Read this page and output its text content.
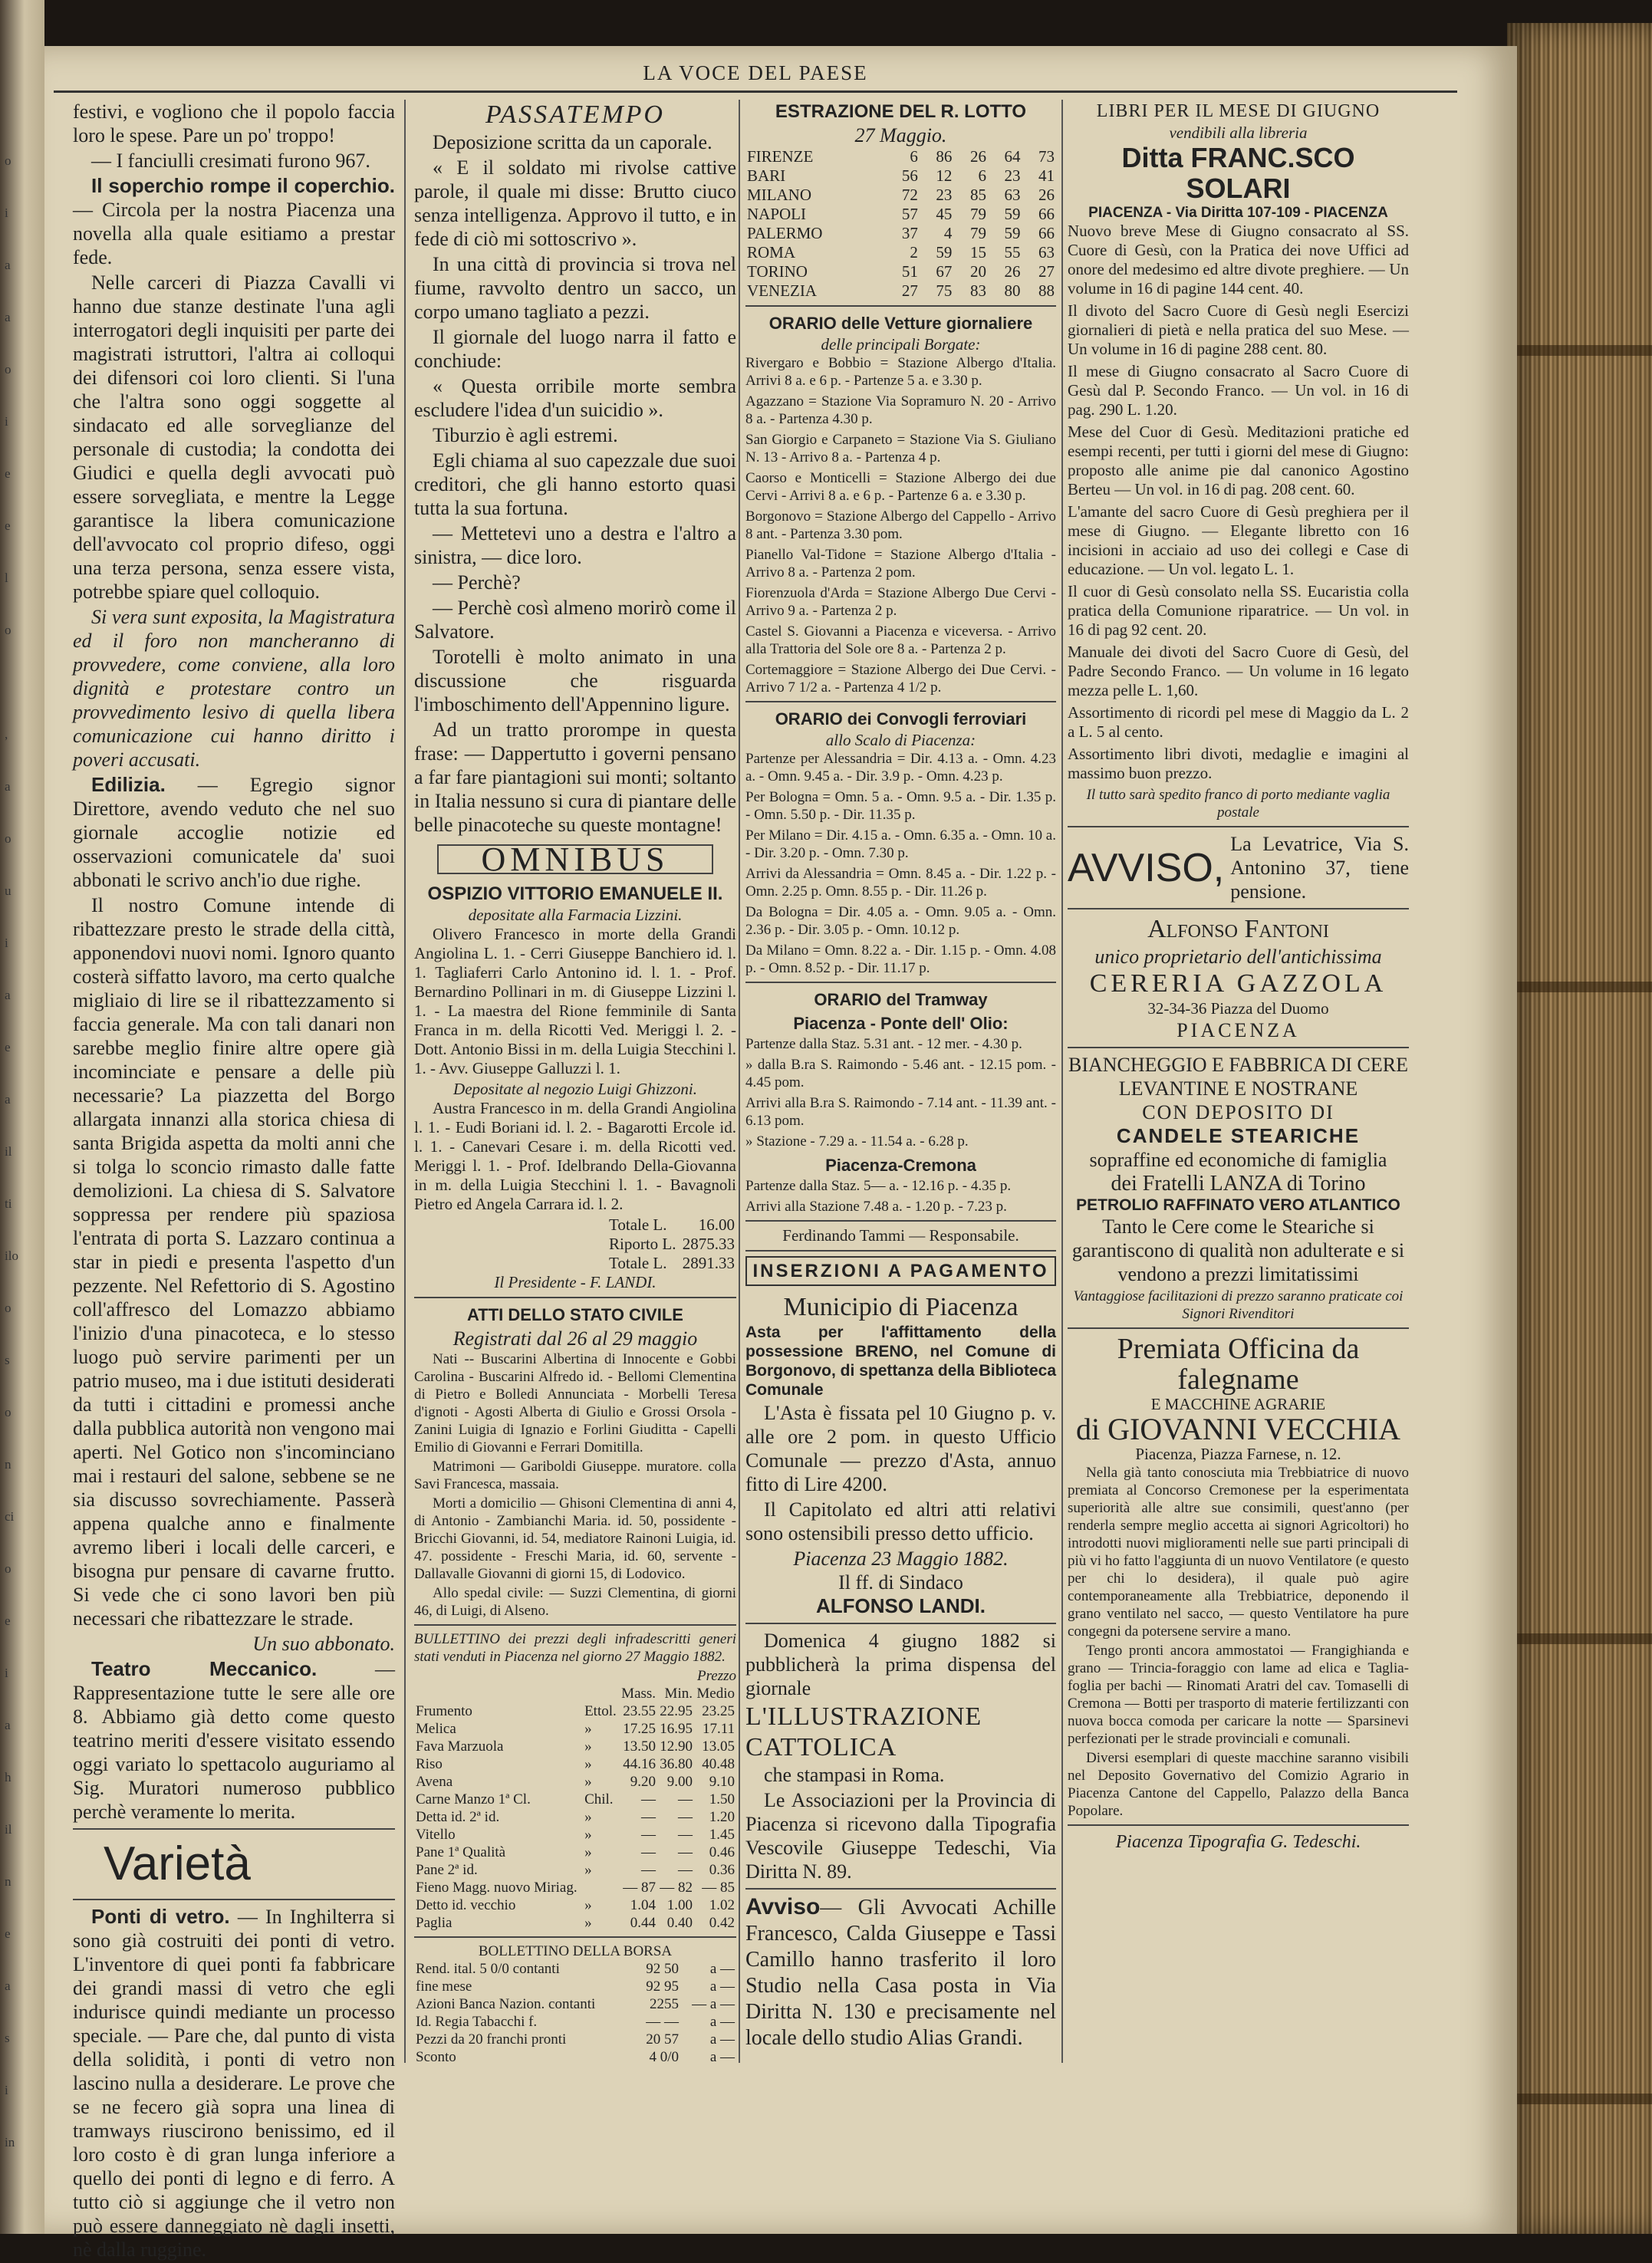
o
i
a
a
o
i
e
e
l
o
,
a
o
u
i
a
e
a
il
ti
ilo
o
s
o
n
ci
o
e
i
a
h
il
n
e
a
s
i
in
LA VOCE DEL PAESE

festivi, e vogliono che il popolo faccia loro le spese. Pare un po' troppo!

— I fanciulli cresimati furono 967.

Il soperchio rompe il coperchio. — Circola per la nostra Piacenza una novella alla quale esitiamo a prestar fede.

Nelle carceri di Piazza Cavalli vi hanno due stanze destinate l'una agli interrogatori degli inquisiti per parte dei magistrati istruttori, l'altra ai colloqui dei difensori coi loro clienti. Si l'una che l'altra sono oggi soggette al sindacato ed alle sorveglianze del personale di custodia; la condotta dei Giudici e quella degli avvocati può essere sorvegliata, e mentre la Legge garantisce la libera comunicazione dell'avvocato col proprio difeso, oggi una terza persona, senza essere vista, potrebbe spiare quel colloquio.

Si vera sunt exposita, la Magistratura ed il foro non mancheranno di provvedere, come conviene, alla loro dignità e protestare contro un provvedimento lesivo di quella libera comunicazione cui hanno diritto i poveri accusati.

Edilizia. — Egregio signor Direttore, avendo veduto che nel suo giornale accoglie notizie ed osservazioni comunicatele da' suoi abbonati le scrivo anch'io due righe.

Il nostro Comune intende di ribattezzare presto le strade della città, apponendovi nuovi nomi. Ignoro quanto costerà siffatto lavoro, ma certo qualche migliaio di lire se il ribattezzamento si faccia generale. Ma con tali danari non sarebbe meglio finire altre opere già incominciate e pensare a delle più necessarie? La piazzetta del Borgo allargata innanzi alla storica chiesa di santa Brigida aspetta da molti anni che si tolga lo sconcio rimasto dalle fatte demolizioni. La chiesa di S. Salvatore soppressa per rendere più spaziosa l'entrata di porta S. Lazzaro continua a star in piedi e presenta l'aspetto d'un pezzente. Nel Refettorio di S. Agostino coll'affresco del Lomazzo abbiamo l'inizio d'una pinacoteca, e lo stesso luogo può servire parimenti per un patrio museo, ma i due istituti desiderati da tutti i cittadini e promessi anche dalla pubblica autorità non vengono mai aperti. Nel Gotico non s'incominciano mai i restauri del salone, sebbene se ne sia discusso sovrechiamente. Passerà appena qualche anno e finalmente avremo liberi i locali delle carceri, e bisogna pur pensare di cavarne frutto. Si vede che ci sono lavori ben più necessari che ribattezzare le strade.

Un suo abbonato.

Teatro Meccanico.	— Rappresentazione tutte le sere alle ore 8. Abbiamo già detto come questo teatrino meriti d'essere visitato essendo oggi variato lo spettacolo auguriamo al Sig. Muratori numeroso pubblico perchè veramente lo merita.

Varietà

Ponti di vetro. — In Inghilterra si sono già costruiti dei ponti di vetro. L'inventore di quei ponti fa fabbricare dei grandi massi di vetro che egli indurisce quindi mediante un processo speciale. — Pare che, dal punto di vista della solidità, i ponti di vetro non lascino nulla a desiderare. Le prove che se ne fecero già sopra una linea di tramways riuscirono benissimo, ed il loro costo è di gran lunga inferiore a quello dei ponti di legno e di ferro. A tutto ciò si aggiunge che il vetro non può essere danneggiato nè dagli insetti, nè dalla ruggine.

PASSATEMPO

Deposizione scritta da un caporale.

« E il soldato mi rivolse cattive parole, il quale mi disse: Brutto ciuco senza intelligenza. Approvo il tutto, e in fede di ciò mi sottoscrivo ».

In una città di provincia si trova nel fiume, ravvolto dentro un sacco, un corpo umano tagliato a pezzi.

Il giornale del luogo narra il fatto e conchiude:

« Questa orribile morte sembra escludere l'idea d'un suicidio ».

Tiburzio è agli estremi.

Egli chiama al suo capezzale due suoi creditori, che gli hanno estorto quasi tutta la sua fortuna.

— Mettetevi uno a destra e l'altro a sinistra, — dice loro.

— Perchè?

— Perchè così almeno morirò come il Salvatore.

Torotelli è molto animato in una discussione che risguarda l'imboschimento dell'Appennino ligure.

Ad un tratto prorompe in questa frase: — Dappertutto i governi pensano a far fare piantagioni sui monti; soltanto in Italia nessuno si cura di piantare delle belle pinacoteche su queste montagne!

OMNIBUS
OSPIZIO VITTORIO EMANUELE II.
depositate alla Farmacia Lizzini.

Olivero Francesco in morte della Grandi Angiolina L. 1. - Cerri Giuseppe Banchiero id. l. 1. Tagliaferri Carlo Antonino id. l. 1. - Prof. Bernardino Pollinari in m. di Giuseppe Lizzini l. 1. - La maestra del Rione femminile di Santa Franca in m. della Ricotti Ved. Meriggi l. 2. - Dott. Antonio Bissi in m. della Luigia Stecchini l. 1. - Avv. Giuseppe Galluzzi l. 1.

Depositate al negozio Luigi Ghizzoni.

Austra Francesco in m. della Grandi Angiolina l. 1. - Eudi Boriani id. l. 2. - Bagarotti Ercole id. l. 1. - Canevari Cesare i. m. della Ricotti ved. Meriggi l. 1. - Prof. Idelbrando Della-Giovanna in m. della Luigia Stecchini l. 1. - Bavagnoli Pietro ed Angela Carrara id. l. 2.

	Totale L.	16.00
	Riporto L.	2875.33
	Totale L.	2891.33
Il Presidente - F. LANDI.
ATTI DELLO STATO CIVILE
Registrati dal 26 al 29 maggio

Nati -- Buscarini Albertina di Innocente e Gobbi Carolina - Buscarini Alfredo id. - Bellomi Clementina di Pietro e Bolledi Annunciata - Morbelli Teresa d'ignoti - Agosti Alberta di Giulio e Grossi Orsola - Zanini Luigia di Ignazio e Forlini Giuditta - Capelli Emilio di Giovanni e Ferrari Domitilla.

Matrimoni — Gariboldi Giuseppe. muratore. colla Savi Francesca, massaia.

Morti a domicilio — Ghisoni Clementina di anni 4, di Antonio - Zambianchi Maria. id. 50, possidente - Bricchi Giovanni, id. 54, mediatore Rainoni Luigia, id. 47. possidente - Freschi Maria, id. 60, servente - Dallavalle Giovanni di giorni 15, di Lodovico.

Allo spedal civile: — Suzzi Clementina, di giorni 46, di Luigi, di Alseno.

BULLETTINO dei prezzi degli infradescritti generi stati venduti in Piacenza nel giorno 27 Maggio 1882.

Prezzo
		Mass.	Min.	Medio
Frumento	Ettol.	23.55	22.95	23.25
Melica	»	17.25	16.95	17.11
Fava Marzuola	»	13.50	12.90	13.05
Riso	»	44.16	36.80	40.48
Avena	»	9.20	9.00	9.10
Carne Manzo 1ª Cl.	Chil.	—	—	1.50
Detta id. 2ª id.	»	—	—	1.20
Vitello	»	—	—	1.45
Pane 1ª Qualità	»	—	—	0.46
Pane 2ª id.	»	—	—	0.36
Fieno Magg. nuovo Miriag.		— 87	— 82	— 85
Detto id. vecchio	»	1.04	1.00	1.02
Paglia	»	0.44	0.40	0.42
BOLLETTINO DELLA BORSA
Rend. ital. 5 0/0 contanti	92 50	a —
fine mese	92 95	a —
Azioni Banca Nazion. contanti	2255	— a —
Id. Regia Tabacchi f.	— —	a —
Pezzi da 20 franchi pronti	20 57	a —
Sconto	4 0/0	a —
ESTRAZIONE DEL R. LOTTO
27 Maggio.
FIRENZE	6	86	26	64	73
BARI	56	12	6	23	41
MILANO	72	23	85	63	26
NAPOLI	57	45	79	59	66
PALERMO	37	4	79	59	66
ROMA	2	59	15	55	63
TORINO	51	67	20	26	27
VENEZIA	27	75	83	80	88
ORARIO delle Vetture giornaliere
delle principali Borgate:

Rivergaro e Bobbio = Stazione Albergo d'Italia. Arrivi 8 a. e 6 p. - Partenze 5 a. e 3.30 p.

Agazzano = Stazione Via Sopramuro N. 20 - Arrivo 8 a. - Partenza 4.30 p.

San Giorgio e Carpaneto = Stazione Via S. Giuliano N. 13 - Arrivo 8 a. - Partenza 4 p.

Caorso e Monticelli = Stazione Albergo dei due Cervi - Arrivi 8 a. e 6 p. - Partenze 6 a. e 3.30 p.

Borgonovo = Stazione Albergo del Cappello - Arrivo 8 ant. - Partenza 3.30 pom.

Pianello Val-Tidone = Stazione Albergo d'Italia - Arrivo 8 a. - Partenza 2 pom.

Fiorenzuola d'Arda = Stazione Albergo Due Cervi - Arrivo 9 a. - Partenza 2 p.

Castel S. Giovanni a Piacenza e viceversa. - Arrivo alla Trattoria del Sole ore 8 a. - Partenza 2 p.

Cortemaggiore = Stazione Albergo dei Due Cervi. - Arrivo 7 1/2 a. - Partenza 4 1/2 p.

ORARIO dei Convogli ferroviari
allo Scalo di Piacenza:

Partenze per Alessandria = Dir. 4.13 a. - Omn. 4.23 a. - Omn. 9.45 a. - Dir. 3.9 p. - Omn. 4.23 p.

Per Bologna = Omn. 5 a. - Omn. 9.5 a. - Dir. 1.35 p. - Omn. 5.50 p. - Dir. 11.35 p.

Per Milano = Dir. 4.15 a. - Omn. 6.35 a. - Omn. 10 a. - Dir. 3.20 p. - Omn. 7.30 p.

Arrivi da Alessandria = Omn. 8.45 a. - Dir. 1.22 p. - Omn. 2.25 p. Omn. 8.55 p. - Dir. 11.26 p.

Da Bologna = Dir. 4.05 a. - Omn. 9.05 a. - Omn. 2.36 p. - Dir. 3.05 p. - Omn. 10.12 p.

Da Milano = Omn. 8.22 a. - Dir. 1.15 p. - Omn. 4.08 p. - Omn. 8.52 p. - Dir. 11.17 p.

ORARIO del Tramway
Piacenza - Ponte dell' Olio:

Partenze dalla Staz. 5.31 ant. - 12 mer. - 4.30 p.

» dalla B.ra S. Raimondo - 5.46 ant. - 12.15 pom. - 4.45 pom.

Arrivi alla B.ra S. Raimondo - 7.14 ant. - 11.39 ant. - 6.13 pom.

» Stazione - 7.29 a. - 11.54 a. - 6.28 p.

Piacenza-Cremona

Partenze dalla Staz. 5— a. - 12.16 p. - 4.35 p.

Arrivi alla Stazione 7.48 a. - 1.20 p. - 7.23 p.

Ferdinando Tammi — Responsabile.
INSERZIONI A PAGAMENTO
Municipio di Piacenza

Asta per l'affittamento della possessione BRENO, nel Comune di Borgonovo, di spettanza della Biblioteca Comunale

L'Asta è fissata pel 10 Giugno p. v. alle ore 2 pom. in questo Ufficio Comunale — prezzo d'Asta, annuo fitto di Lire 4200.

Il Capitolato ed altri atti relativi sono ostensibili presso detto ufficio.

Piacenza 23 Maggio 1882.
Il ff. di Sindaco
ALFONSO LANDI.

Domenica 4 giugno 1882 si pubblicherà la prima dispensa del giornale

L'ILLUSTRAZIONE CATTOLICA

che stampasi in Roma.

Le Associazioni per la Provincia di Piacenza si ricevono dalla Tipografia Vescovile Giuseppe Tedeschi, Via Diritta N. 89.

Avviso— Gli Avvocati Achille Francesco, Calda Giuseppe e Tassi Camillo hanno trasferito il loro Studio nella Casa posta in Via Diritta N. 130 e precisamente nel locale dello studio Alias Grandi.

LIBRI PER IL MESE DI GIUGNO
vendibili alla libreria
Ditta FRANC.SCO SOLARI
PIACENZA - Via Diritta 107-109 - PIACENZA

Nuovo breve Mese di Giugno consacrato al SS. Cuore di Gesù, con la Pratica dei nove Uffici ad onore del medesimo ed altre divote preghiere. — Un volume in 16 di pagine 144 cent. 40.

Il divoto del Sacro Cuore di Gesù negli Esercizi giornalieri di pietà e nella pratica del suo Mese. — Un volume in 16 di pagine 288 cent. 80.

Il mese di Giugno consacrato al Sacro Cuore di Gesù dal P. Secondo Franco. — Un vol. in 16 di pag. 290 L. 1.20.

Mese del Cuor di Gesù. Meditazioni pratiche ed esempi recenti, per tutti i giorni del mese di Giugno: proposto alle anime pie dal canonico Agostino Berteu — Un vol. in 16 di pag. 208 cent. 60.

L'amante del sacro Cuore di Gesù preghiera per il mese di Giugno. — Elegante libretto con 16 incisioni in acciaio ad uso dei collegi e Case di educazione. — Un vol. legato L. 1.

Il cuor di Gesù consolato nella SS. Eucaristia colla pratica della Comunione riparatrice. — Un vol. in 16 di pag 92 cent. 20.

Manuale dei divoti del Sacro Cuore di Gesù, del Padre Secondo Franco. — Un volume in 16 legato mezza pelle L. 1,60.

Assortimento di ricordi pel mese di Maggio da L. 2 a L. 5 al cento.

Assortimento libri divoti, medaglie e imagini al massimo buon prezzo.

Il tutto sarà spedito franco di porto mediante vaglia postale
AVVISO,
La Levatrice, Via S. Antonino 37, tiene pensione.
Alfonso Fantoni
unico proprietario dell'antichissima
CERERIA GAZZOLA
32-34-36 Piazza del Duomo
PIACENZA
BIANCHEGGIO E FABBRICA DI CERE LEVANTINE E NOSTRANE
CON DEPOSITO DI
CANDELE STEARICHE
sopraffine ed economiche di famiglia
dei Fratelli LANZA di Torino
PETROLIO RAFFINATO VERO ATLANTICO

Tanto le Cere come le Steariche si garantiscono di qualità non adulterate e si vendono a prezzi limitatissimi

Vantaggiose facilitazioni di prezzo saranno praticate coi Signori Rivenditori

Premiata Officina da falegname
E MACCHINE AGRARIE
di GIOVANNI VECCHIA
Piacenza, Piazza Farnese, n. 12.

Nella già tanto conosciuta mia Trebbiatrice di nuovo premiata al Concorso Cremonese per la esperimentata superiorità alle altre sue consimili, quest'anno (per renderla sempre meglio accetta ai signori Agricoltori) ho introdotti nuovi miglioramenti nelle sue parti principali di più vi ho fatto l'aggiunta di un nuovo Ventilatore (e questo per chi lo desidera), il quale può agire contemporaneamente alla Trebbiatrice, deponendo il grano ventilato nel sacco, — questo Ventilatore ha pure congegni da potersene servire a mano.

Tengo pronti ancora ammostatoi — Frangighianda e grano — Trincia-foraggio con lame ad elica e Taglia-foglia per bachi — Rinomati Aratri del cav. Tomaselli di Cremona — Botti per trasporto di materie fertilizzanti con nuova bocca comoda per caricare la notte — Sparsinevi perfezionati per le strade provinciali e comunali.

Diversi esemplari di queste macchine saranno visibili nel Deposito Governativo del Comizio Agrario in Piacenza Cantone del Cappello, Palazzo della Banca Popolare.

Piacenza Tipografia G. Tedeschi.
